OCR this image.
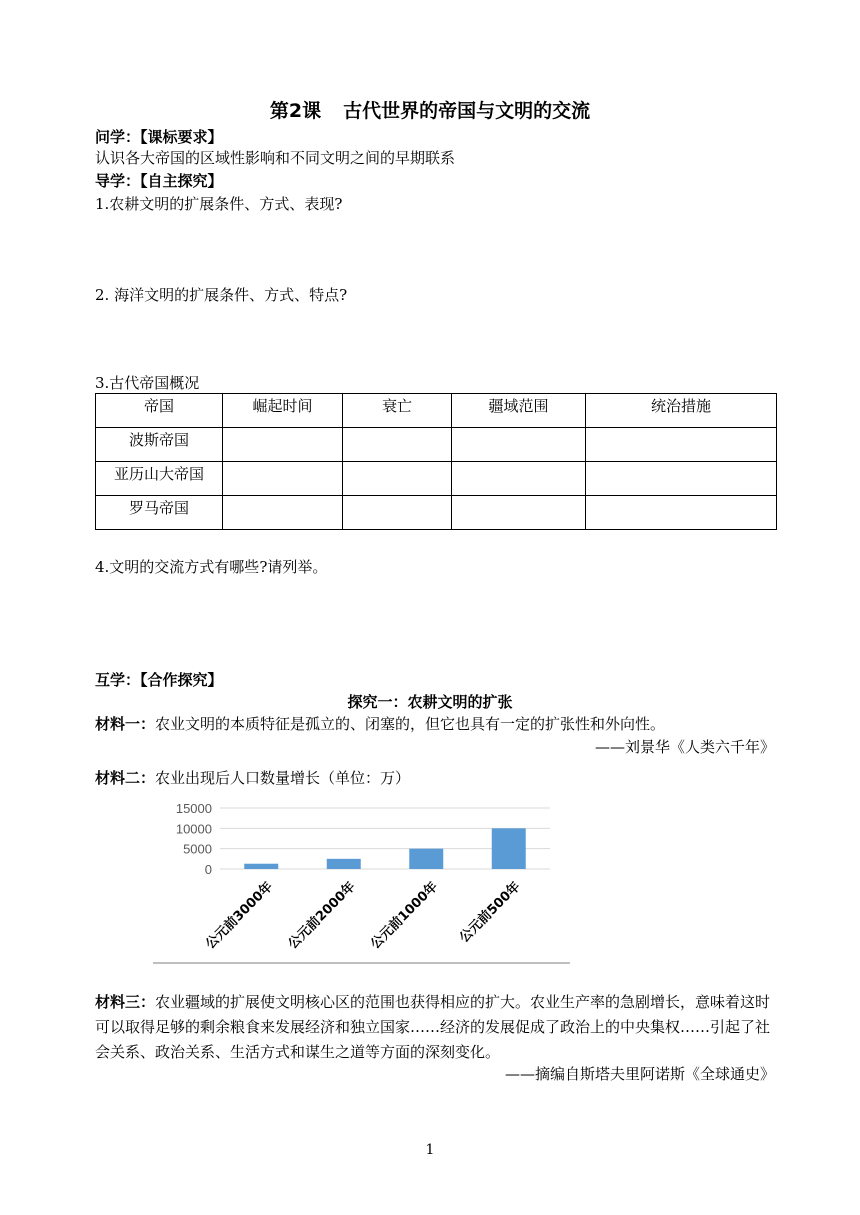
第2课 古代世界的帝国与文明的交流
问学：【课标要求】
认识各大帝国的区域性影响和不同文明之间的早期联系
导学：【自主探究】
1.农耕文明的扩展条件、方式、表现?
2. 海洋文明的扩展条件、方式、特点?
3.古代帝国概况
帝国	崛起时间	衰亡	疆域范围	统治措施
波斯帝国				
亚历山大帝国				
罗马帝国				
4.文明的交流方式有哪些?请列举。
互学：【合作探究】
探究一：农耕文明的扩张
材料一：农业文明的本质特征是孤立的、闭塞的，但它也具有一定的扩张性和外向性。
——刘景华《人类六千年》
材料二：农业出现后人口数量增长（单位：万）
0
5000
10000
15000
公元前3000年 公元前2000年 公元前1000年 公元前500年
材料三：农业疆域的扩展使文明核心区的范围也获得相应的扩大。农业生产率的急剧增长，意味着这时可以取得足够的剩余粮食来发展经济和独立国家……经济的发展促成了政治上的中央集权……引起了社会关系、政治关系、生活方式和谋生之道等方面的深刻变化。
——摘编自斯塔夫里阿诺斯《全球通史》
1
